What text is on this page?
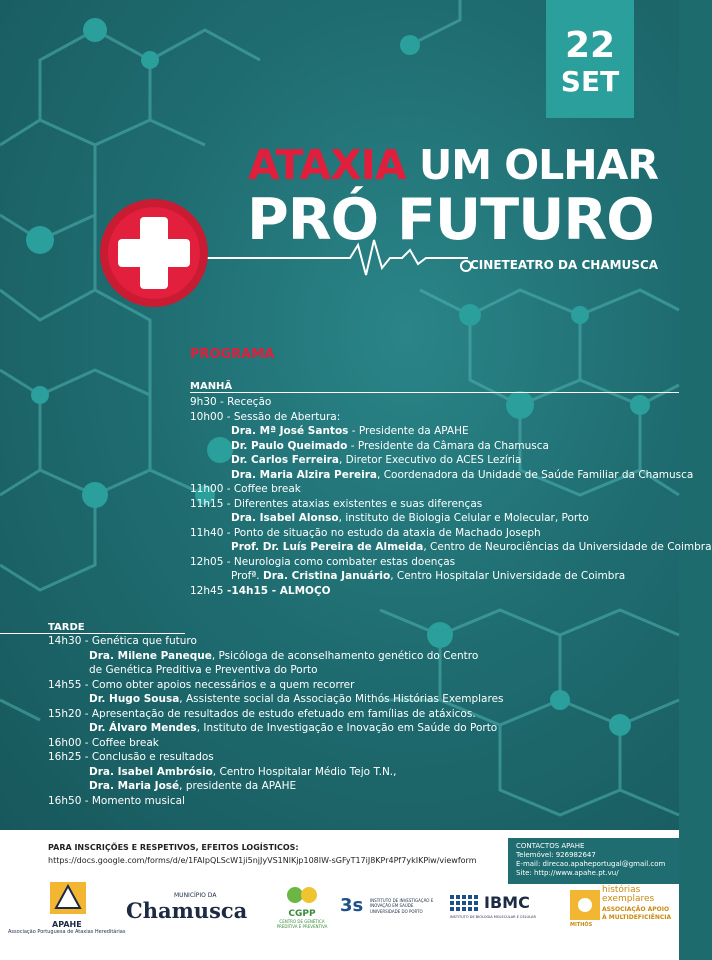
22
SET
ATAXIA UM OLHAR
PRÓ FUTURO
CINETEATRO DA CHAMUSCA
PROGRAMA
MANHÃ
9h30 - Receção
10h00 - Sessão de Abertura:
Dra. Mª José Santos - Presidente da APAHE
Dr. Paulo Queimado - Presidente da Câmara da Chamusca
Dr. Carlos Ferreira, Diretor Executivo do ACES Lezíria
Dra. Maria Alzira Pereira, Coordenadora da Unidade de Saúde Familiar da Chamusca
11h00 - Coffee break
11h15 - Diferentes ataxias existentes e suas diferenças
Dra. Isabel Alonso, instituto de Biologia Celular e Molecular, Porto
11h40 - Ponto de situação no estudo da ataxia de Machado Joseph
Prof. Dr. Luís Pereira de Almeida, Centro de Neurociências da Universidade de Coimbra
12h05 - Neurologia como combater estas doenças
Profª. Dra. Cristina Januário, Centro Hospitalar Universidade de Coimbra
12h45 -14h15 - ALMOÇO
TARDE
14h30 - Genética que futuro
Dra. Milene Paneque, Psicóloga de aconselhamento genético do Centro
de Genética Preditiva e Preventiva do Porto
14h55 - Como obter apoios necessários e a quem recorrer
Dr. Hugo Sousa, Assistente social da Associação Mithós Histórias Exemplares
15h20 - Apresentação de resultados de estudo efetuado em famílias de atáxicos.
Dr. Álvaro Mendes, Instituto de Investigação e Inovação em Saúde do Porto
16h00 - Coffee break
16h25 - Conclusão e resultados
Dra. Isabel Ambrósio, Centro Hospitalar Médio Tejo T.N.,
Dra. Maria José, presidente da APAHE
16h50 - Momento musical
PARA INSCRIÇÕES E RESPETIVOS, EFEITOS LOGÍSTICOS:
https://docs.google.com/forms/d/e/1FAIpQLScW1ji5njJyVS1NlKjp108IW-sGFyT17iJ8KPr4Pf7ykIKPiw/viewform
CONTACTOS APAHE
Telemóvel: 926982647
E-mail: direcao.apaheportugal@gmail.com
Site: http://www.apahe.pt.vu/
APAHE
Associação Portuguesa de Ataxias Hereditárias
MUNICÍPIO DA
Chamusca	CGPP
CENTRO DE GENÉTICA PREDITIVA E PREVENTIVA
3s INSTITUTO DE INVESTIGAÇÃO E INOVAÇÃO EM SAÚDE
UNIVERSIDADE DO PORTO	IBMC
INSTITUTO DE BIOLOGIA MOLECULAR E CELULAR
MITHÓS
histórias
exemplares
ASSOCIAÇÃO APOIO
À MULTIDEFICIÊNCIA
